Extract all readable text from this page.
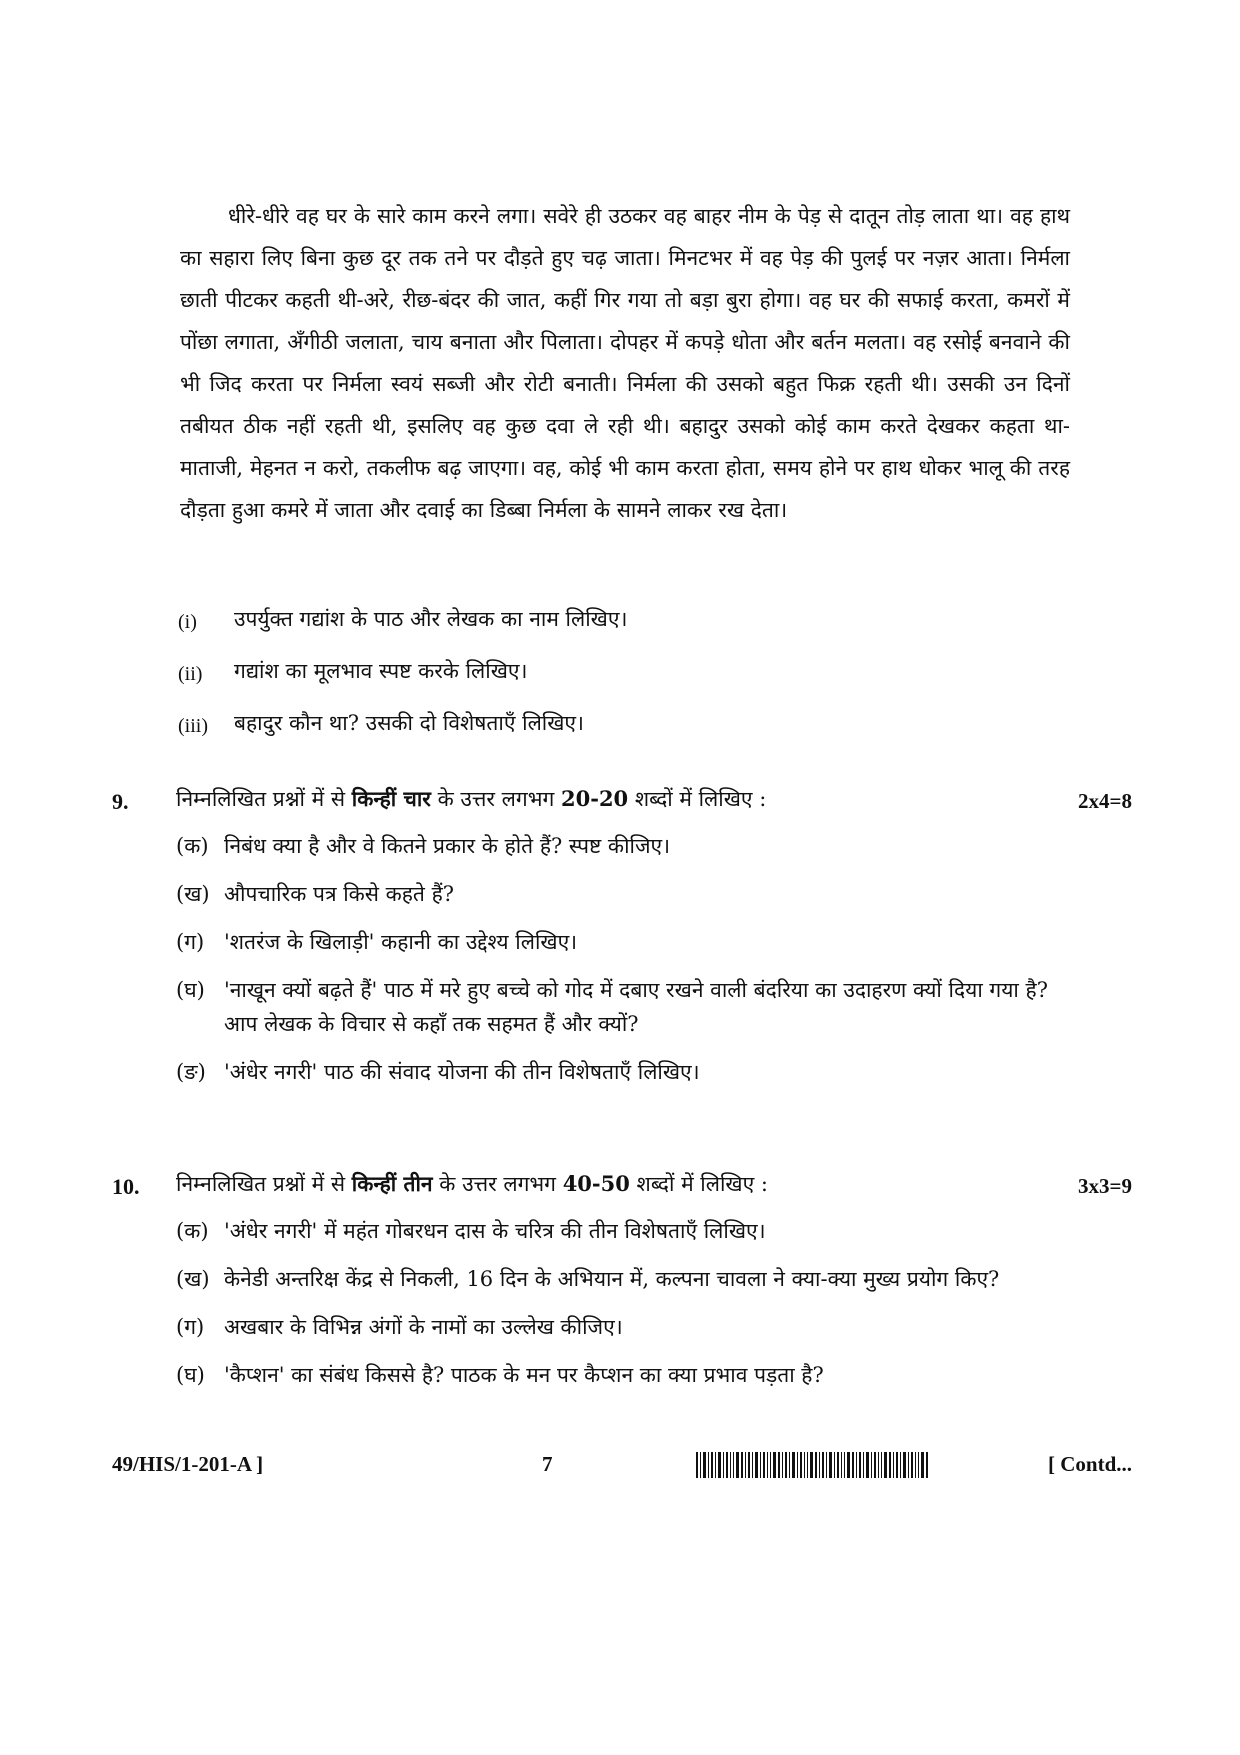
धीरे-धीरे वह घर के सारे काम करने लगा। सवेरे ही उठकर वह बाहर नीम के पेड़ से दातून तोड़ लाता था। वह हाथ का सहारा लिए बिना कुछ दूर तक तने पर दौड़ते हुए चढ़ जाता। मिनटभर में वह पेड़ की पुलई पर नज़र आता। निर्मला छाती पीटकर कहती थी-अरे, रीछ-बंदर की जात, कहीं गिर गया तो बड़ा बुरा होगा। वह घर की सफाई करता, कमरों में पोंछा लगाता, अँगीठी जलाता, चाय बनाता और पिलाता। दोपहर में कपड़े धोता और बर्तन मलता। वह रसोई बनवाने की भी जिद करता पर निर्मला स्वयं सब्जी और रोटी बनाती। निर्मला की उसको बहुत फिक्र रहती थी। उसकी उन दिनों तबीयत ठीक नहीं रहती थी, इसलिए वह कुछ दवा ले रही थी। बहादुर उसको कोई काम करते देखकर कहता था-माताजी, मेहनत न करो, तकलीफ बढ़ जाएगा। वह, कोई भी काम करता होता, समय होने पर हाथ धोकर भालू की तरह दौड़ता हुआ कमरे में जाता और दवाई का डिब्बा निर्मला के सामने लाकर रख देता।

(i)	उपर्युक्त गद्यांश के पाठ और लेखक का नाम लिखिए।
(ii)	गद्यांश का मूलभाव स्पष्ट करके लिखिए।
(iii)	बहादुर कौन था? उसकी दो विशेषताएँ लिखिए।
9. निम्नलिखित प्रश्नों में से किन्हीं चार के उत्तर लगभग 20-20 शब्दों में लिखिए :	2x4=8
(क) निबंध क्या है और वे कितने प्रकार के होते हैं? स्पष्ट कीजिए।
(ख) औपचारिक पत्र किसे कहते हैं?
(ग) 'शतरंज के खिलाड़ी' कहानी का उद्देश्य लिखिए।
(घ) 'नाखून क्यों बढ़ते हैं' पाठ में मरे हुए बच्चे को गोद में दबाए रखने वाली बंदरिया का उदाहरण क्यों दिया गया है? आप लेखक के विचार से कहाँ तक सहमत हैं और क्यों?
(ङ) 'अंधेर नगरी' पाठ की संवाद योजना की तीन विशेषताएँ लिखिए।
10. निम्नलिखित प्रश्नों में से किन्हीं तीन के उत्तर लगभग 40-50 शब्दों में लिखिए :	3x3=9
(क) 'अंधेर नगरी' में महंत गोबरधन दास के चरित्र की तीन विशेषताएँ लिखिए।
(ख) केनेडी अन्तरिक्ष केंद्र से निकली, 16 दिन के अभियान में, कल्पना चावला ने क्या-क्या मुख्य प्रयोग किए?
(ग) अखबार के विभिन्न अंगों के नामों का उल्लेख कीजिए।
(घ) 'कैप्शन' का संबंध किससे है? पाठक के मन पर कैप्शन का क्या प्रभाव पड़ता है?
49/HIS/1-201-A ]	7	[ Contd...
